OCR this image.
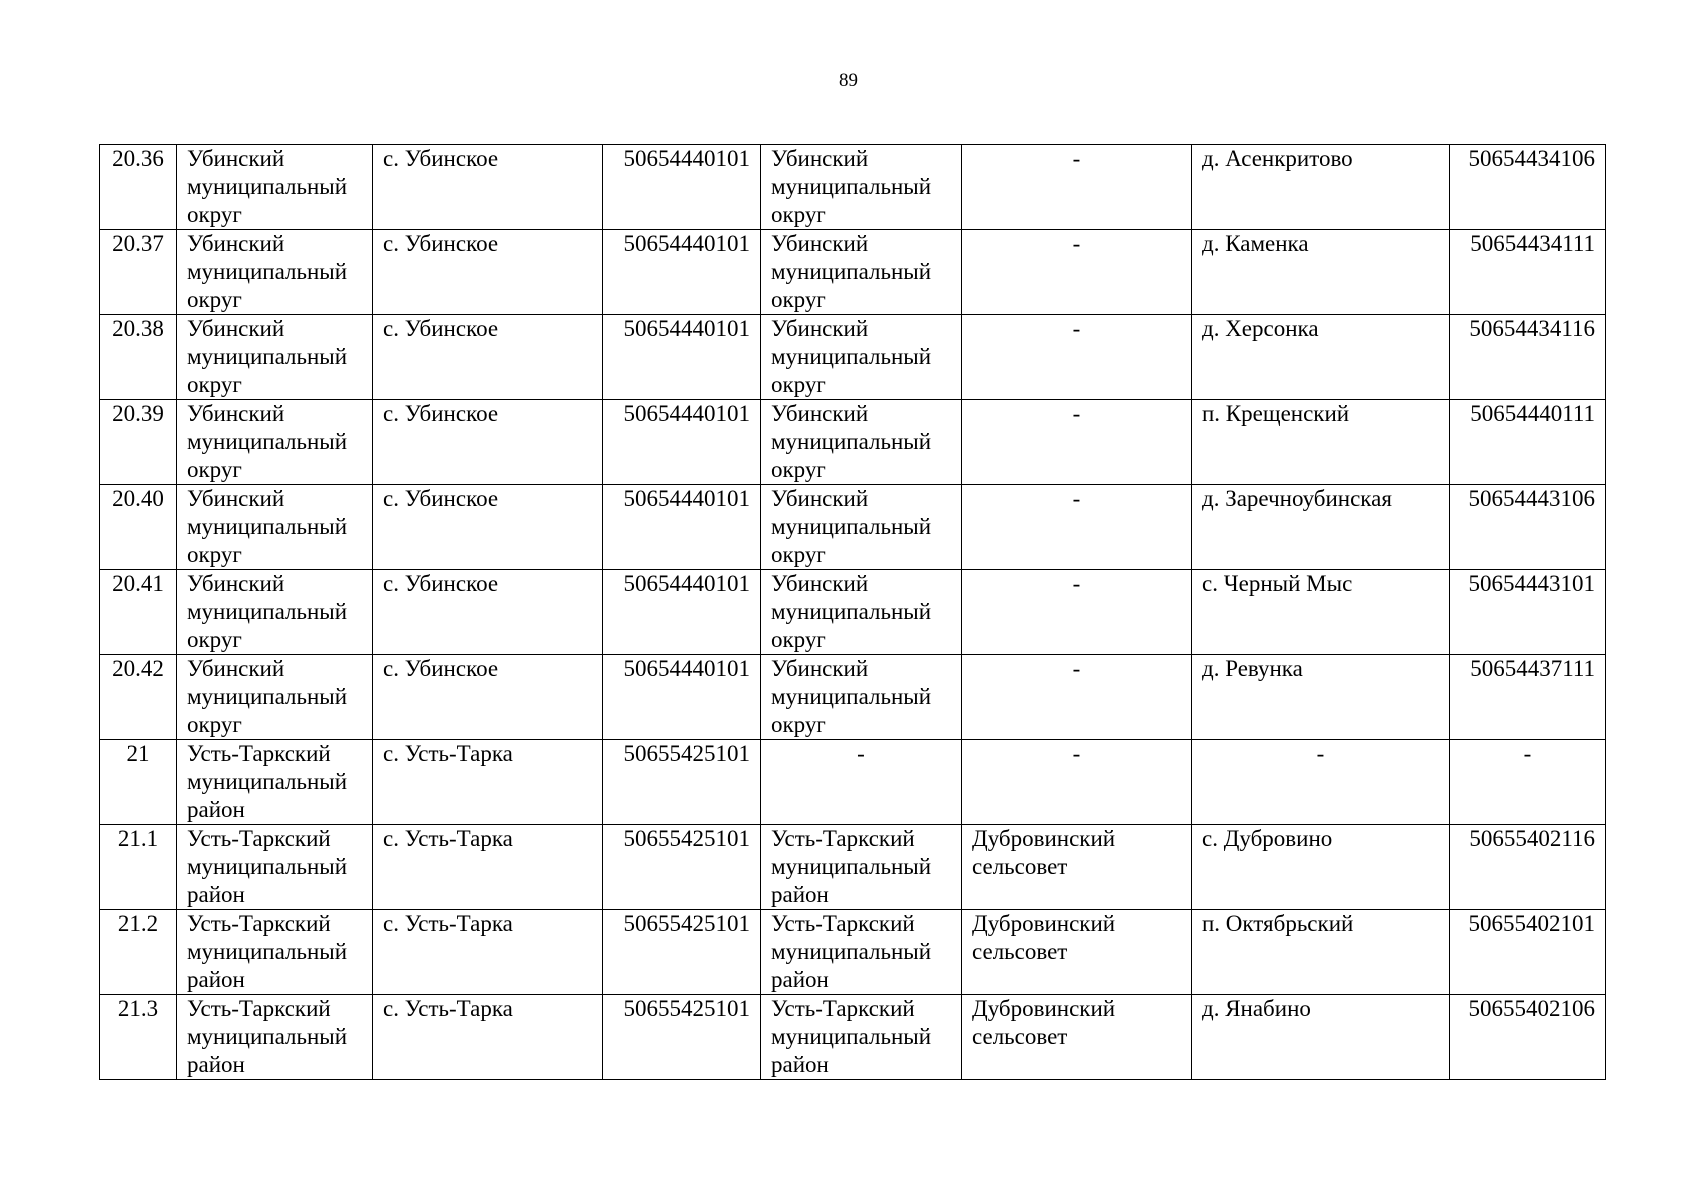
89
20.36	Убинский муниципальный округ	с. Убинское	50654440101	Убинский муниципальный округ	-	д. Асенкритово	50654434106
20.37	Убинский муниципальный округ	с. Убинское	50654440101	Убинский муниципальный округ	-	д. Каменка	50654434111
20.38	Убинский муниципальный округ	с. Убинское	50654440101	Убинский муниципальный округ	-	д. Херсонка	50654434116
20.39	Убинский муниципальный округ	с. Убинское	50654440101	Убинский муниципальный округ	-	п. Крещенский	50654440111
20.40	Убинский муниципальный округ	с. Убинское	50654440101	Убинский муниципальный округ	-	д. Заречноубинская	50654443106
20.41	Убинский муниципальный округ	с. Убинское	50654440101	Убинский муниципальный округ	-	с. Черный Мыс	50654443101
20.42	Убинский муниципальный округ	с. Убинское	50654440101	Убинский муниципальный округ	-	д. Ревунка	50654437111
21	Усть-Таркский муниципальный район	с. Усть-Тарка	50655425101	-	-	-	-
21.1	Усть-Таркский муниципальный район	с. Усть-Тарка	50655425101	Усть-Таркский муниципальный район	Дубровинский сельсовет	с. Дубровино	50655402116
21.2	Усть-Таркский муниципальный район	с. Усть-Тарка	50655425101	Усть-Таркский муниципальный район	Дубровинский сельсовет	п. Октябрьский	50655402101
21.3	Усть-Таркский муниципальный район	с. Усть-Тарка	50655425101	Усть-Таркский муниципальный район	Дубровинский сельсовет	д. Янабино	50655402106
